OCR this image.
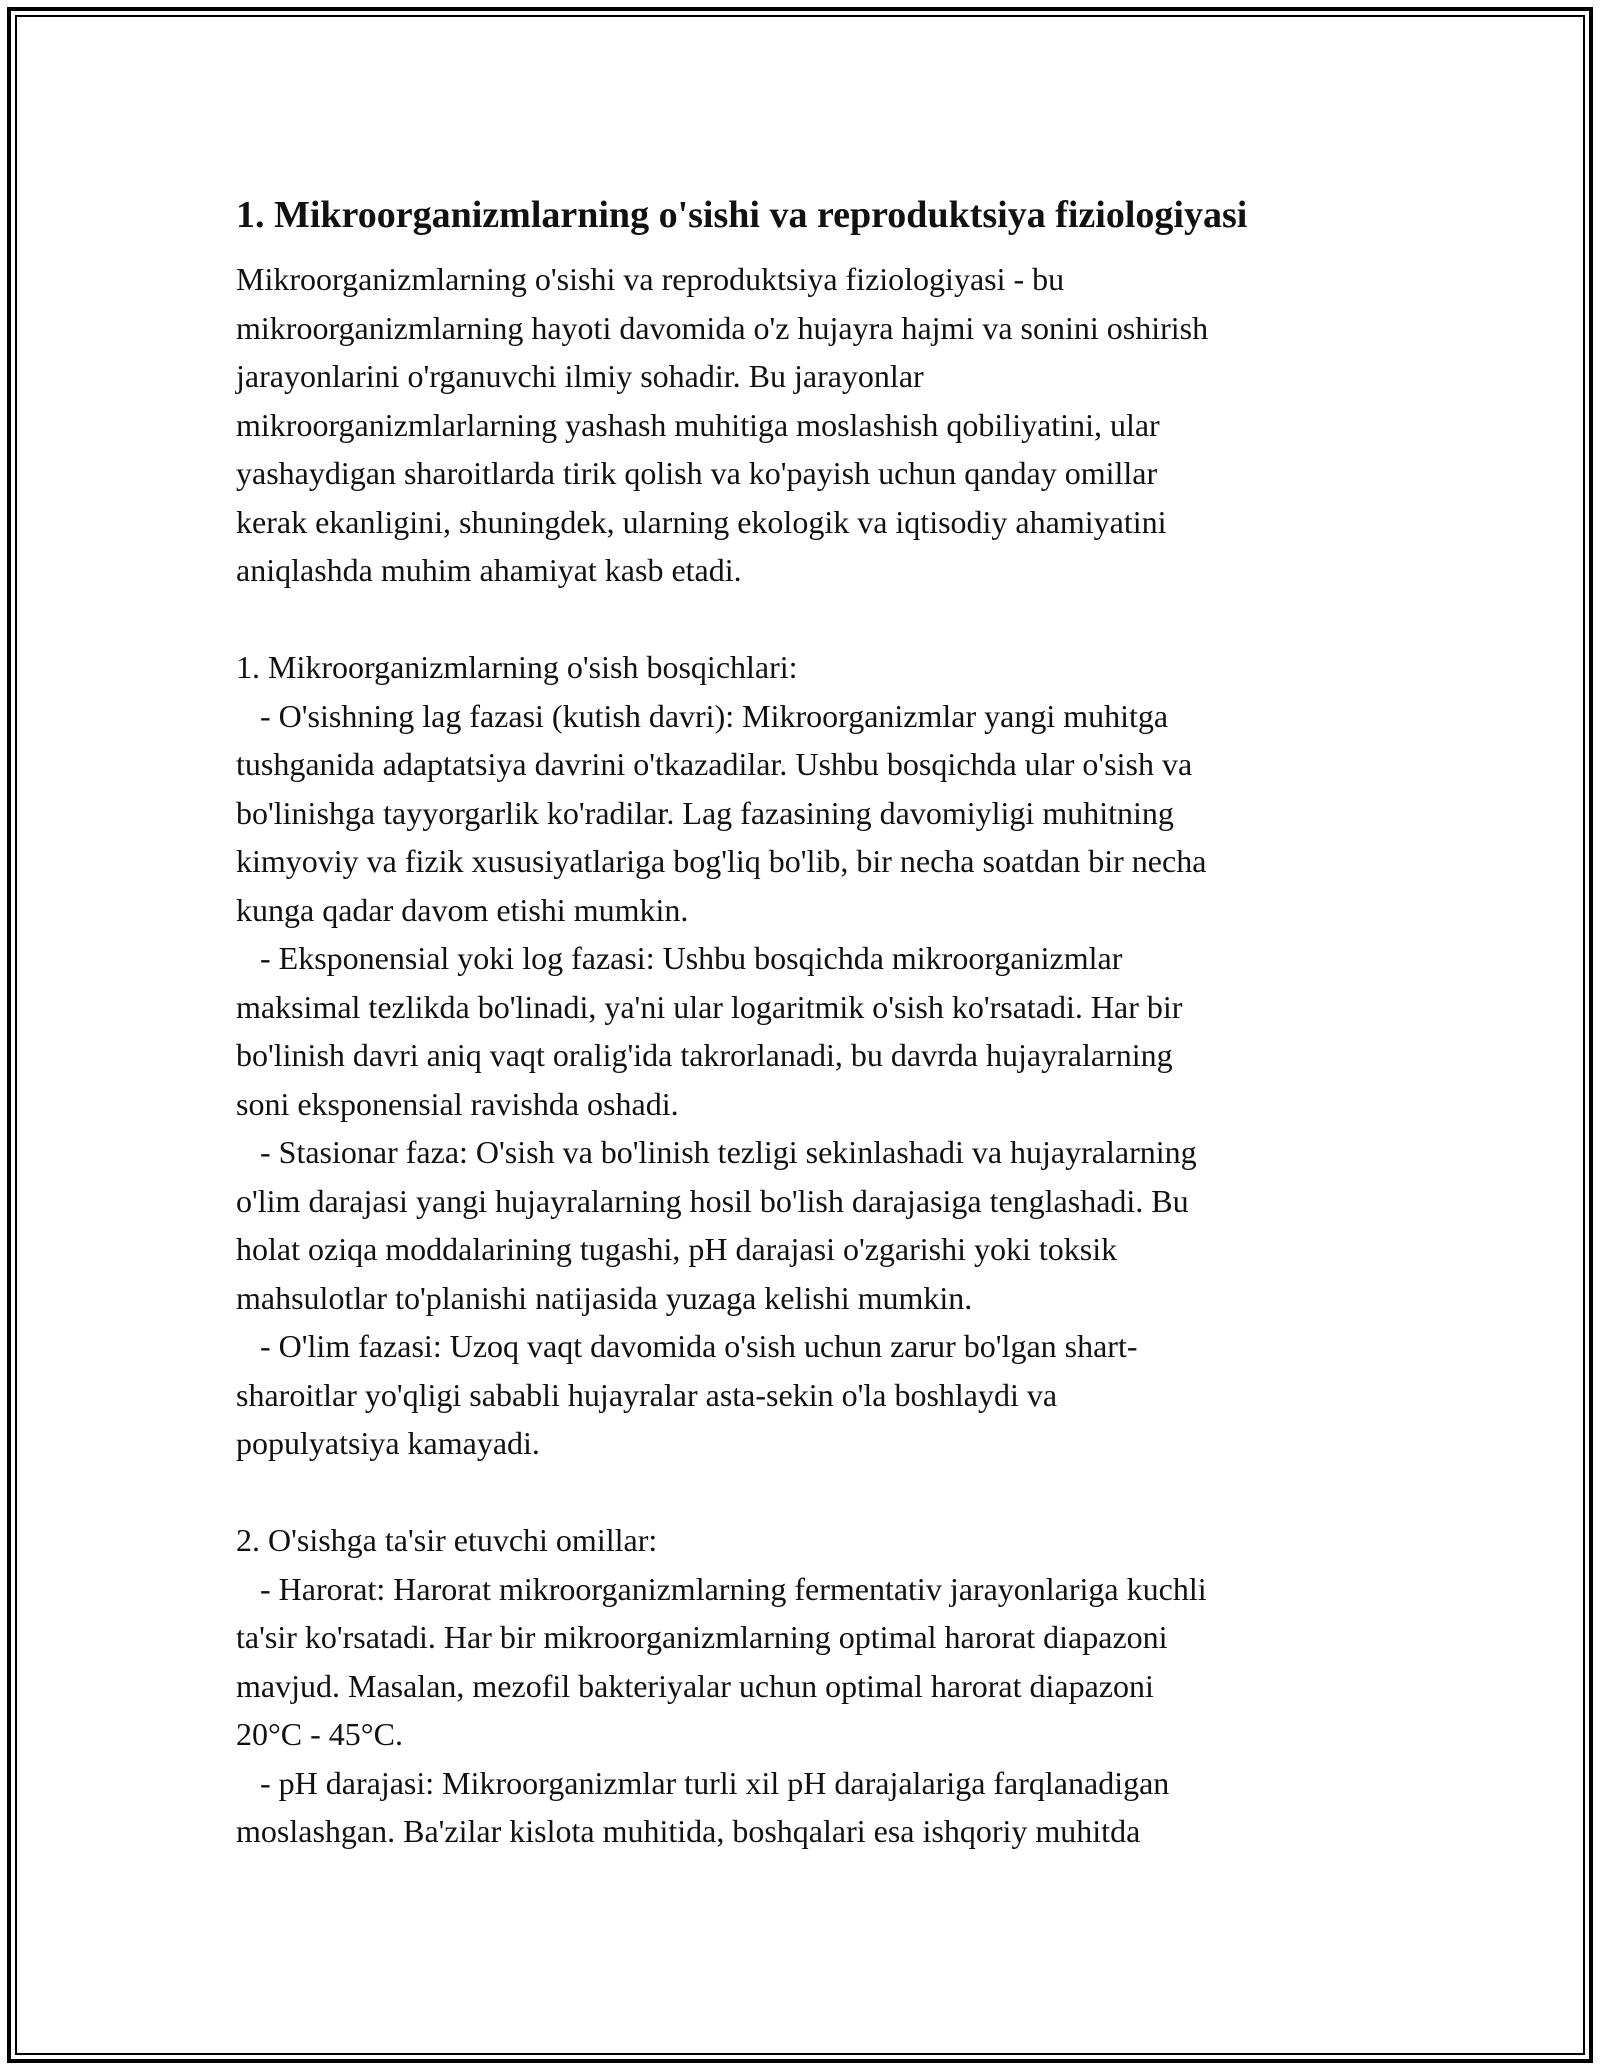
1. Mikroorganizmlarning o'sishi va reproduktsiya fiziologiyasi
Mikroorganizmlarning o'sishi va reproduktsiya fiziologiyasi - bu
mikroorganizmlarning hayoti davomida o'z hujayra hajmi va sonini oshirish
jarayonlarini o'rganuvchi ilmiy sohadir. Bu jarayonlar
mikroorganizmlarlarning yashash muhitiga moslashish qobiliyatini, ular
yashaydigan sharoitlarda tirik qolish va ko'payish uchun qanday omillar
kerak ekanligini, shuningdek, ularning ekologik va iqtisodiy ahamiyatini
aniqlashda muhim ahamiyat kasb etadi.
1. Mikroorganizmlarning o'sish bosqichlari:
- O'sishning lag fazasi (kutish davri): Mikroorganizmlar yangi muhitga
tushganida adaptatsiya davrini o'tkazadilar. Ushbu bosqichda ular o'sish va
bo'linishga tayyorgarlik ko'radilar. Lag fazasining davomiyligi muhitning
kimyoviy va fizik xususiyatlariga bog'liq bo'lib, bir necha soatdan bir necha
kunga qadar davom etishi mumkin.
- Eksponensial yoki log fazasi: Ushbu bosqichda mikroorganizmlar
maksimal tezlikda bo'linadi, ya'ni ular logaritmik o'sish ko'rsatadi. Har bir
bo'linish davri aniq vaqt oralig'ida takrorlanadi, bu davrda hujayralarning
soni eksponensial ravishda oshadi.
- Stasionar faza: O'sish va bo'linish tezligi sekinlashadi va hujayralarning
o'lim darajasi yangi hujayralarning hosil bo'lish darajasiga tenglashadi. Bu
holat oziqa moddalarining tugashi, pH darajasi o'zgarishi yoki toksik
mahsulotlar to'planishi natijasida yuzaga kelishi mumkin.
- O'lim fazasi: Uzoq vaqt davomida o'sish uchun zarur bo'lgan shart-
sharoitlar yo'qligi sababli hujayralar asta-sekin o'la boshlaydi va
populyatsiya kamayadi.
2. O'sishga ta'sir etuvchi omillar:
- Harorat: Harorat mikroorganizmlarning fermentativ jarayonlariga kuchli
ta'sir ko'rsatadi. Har bir mikroorganizmlarning optimal harorat diapazoni
mavjud. Masalan, mezofil bakteriyalar uchun optimal harorat diapazoni
20°C - 45°C.
- pH darajasi: Mikroorganizmlar turli xil pH darajalariga farqlanadigan
moslashgan. Ba'zilar kislota muhitida, boshqalari esa ishqoriy muhitda
